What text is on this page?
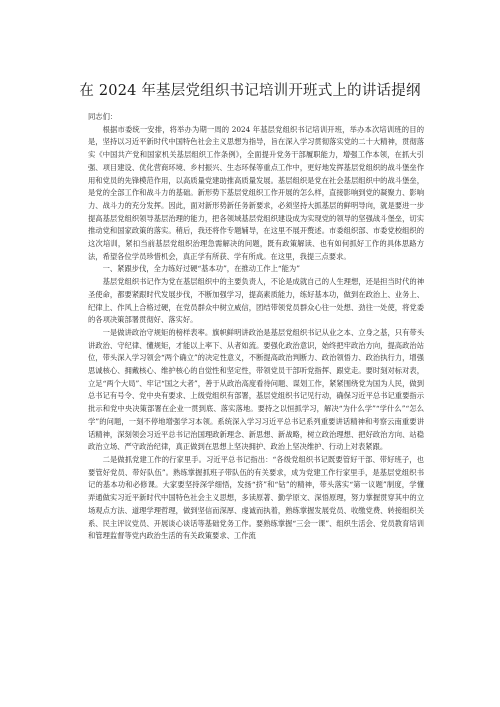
在 2024 年基层党组织书记培训开班式上的讲话提纲

同志们：

根据市委统一安排，将举办为期一周的 2024 年基层党组织书记培训开班，举办本次培训班的目的是，坚持以习近平新时代中国特色社会主义思想为指导，旨在深入学习贯彻落实党的二十大精神，贯彻落实《中国共产党和国家机关基层组织工作条例》，全面提升党务干部履职能力，增强工作本领，在抓大引强、项目建设、优化营商环境、乡村振兴、生态环保等重点工作中，更好地发挥基层党组织的战斗堡垒作用和党员的先锋模范作用，以高质量党建助推高质量发展。基层组织是党在社会基层组织中的战斗堡垒，是党的全部工作和战斗力的基础。新形势下基层党组织工作开展的怎么样，直接影响到党的凝聚力、影响力、战斗力的充分发挥。因此，面对新形势新任务新要求，必须坚持大抓基层的鲜明导向，就是要进一步提高基层党组织领导基层治理的能力，把各领域基层党组织建设成为实现党的领导的坚强战斗堡垒，切实推动党和国家政策的落实。稍后，我还将作专题辅导，在这里不展开赘述。市委组织部、市委党校组织的这次培训，紧扣当前基层党组织治理急需解决的问题，既有政策解读、也有如何抓好工作的具体思路方法，希望各位学员珍惜机会，真正学有所获、学有所成。在这里，我提三点要求。

一、紧跟步伐，全力练好过硬“基本功”，在推动工作上“能为”

基层党组织书记作为党在基层组织中的主要负责人，不论是成就自己的人生理想，还是担当时代的神圣使命，都要紧跟时代发展步伐，不断加强学习，提高素质能力，练好基本功，做到在政治上、业务上、纪律上、作风上合格过硬，在党员群众中树立威信，团结带领党员群众心往一处想、劲往一处使，将党委的各项决策部署贯彻好、落实好。

一是做讲政治守规矩的榜样表率。旗帜鲜明讲政治是基层党组织书记从业之本、立身之基，只有带头讲政治、守纪律、懂规矩，才能以上率下、从者如流。要强化政治意识，始终把牢政治方向，提高政治站位，带头深入学习领会“两个确立”的决定性意义，不断提高政治判断力、政治领悟力、政治执行力，增强思诚核心、拥戴核心、维护核心的自觉性和坚定性，带领党员干部听党指挥、跟党走。要时刻对标对表，立足“两个大局”、牢记“国之大者”，善于从政治高度看待问题、谋划工作，紧紧围绕党为国为人民，做到总书记有号令、党中央有要求、上级党组织有部署，基层党组织书记见行动，确保习近平总书记重要指示批示和党中央决策部署在企业一贯到底、落实落地。要持之以恒抓学习，解决“为什么学”“学什么”“怎么学”的问题，一刻不停地增强学习本领。系统深入学习习近平总书记系列重要讲话精神和考察云南重要讲话精神，深刻领会习近平总书记治国理政新理念、新思想、新战略，树立政治理想、把好政治方向、站稳政治立场、严守政治纪律，真正做到在思想上坚决拥护、政治上坚决维护、行动上对表紧跟。

二是做抓党建工作的行家里手。习近平总书记指出：“各级党组织书记既要管好干部、带好班子，也要管好党员、带好队伍”。熟练掌握抓班子带队伍的有关要求，成为党建工作行家里手，是基层党组织书记的基本功和必修课。大家要坚持深学细悟，发扬“挤”和“钻”的精神，带头落实“第一议题”制度，学懂弄通做实习近平新时代中国特色社会主义思想，多读原著、勤学原文、深悟原理，努力掌握贯穿其中的立场观点方法、道理学理哲理，做到坚信而深厚、虔诚而执着，熟练掌握发展党员、收缴党费、转接组织关系、民主评议党员、开展谈心谈话等基础党务工作。要熟练掌握“三会一课”、组织生活会、党员教育培训和管理监督等党内政治生活的有关政策要求、工作流
